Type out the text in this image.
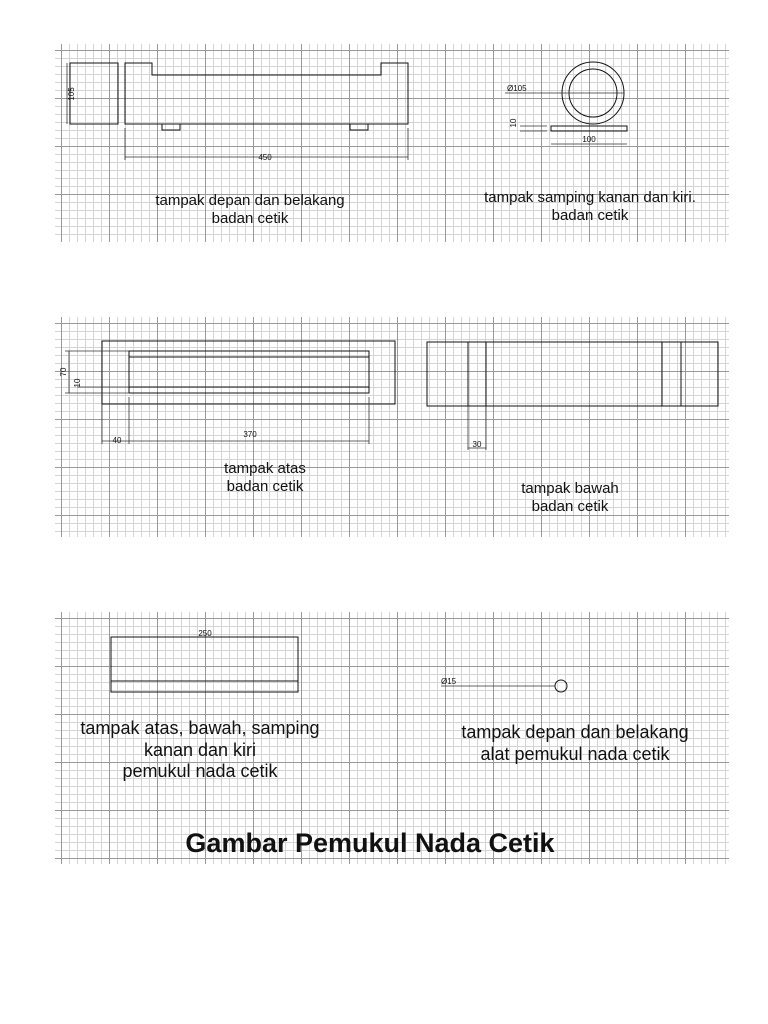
450
105	Ø105
10
100
tampak depan dan belakang
badan cetik
tampak samping kanan dan kiri.
badan cetik
70
10
40
370
30
tampak atas
badan cetik	tampak bawah
badan cetik
250
Ø15
tampak atas, bawah, samping
kanan dan kiri
pemukul nada cetik
tampak depan dan belakang
alat pemukul nada cetik
Gambar Pemukul Nada Cetik
